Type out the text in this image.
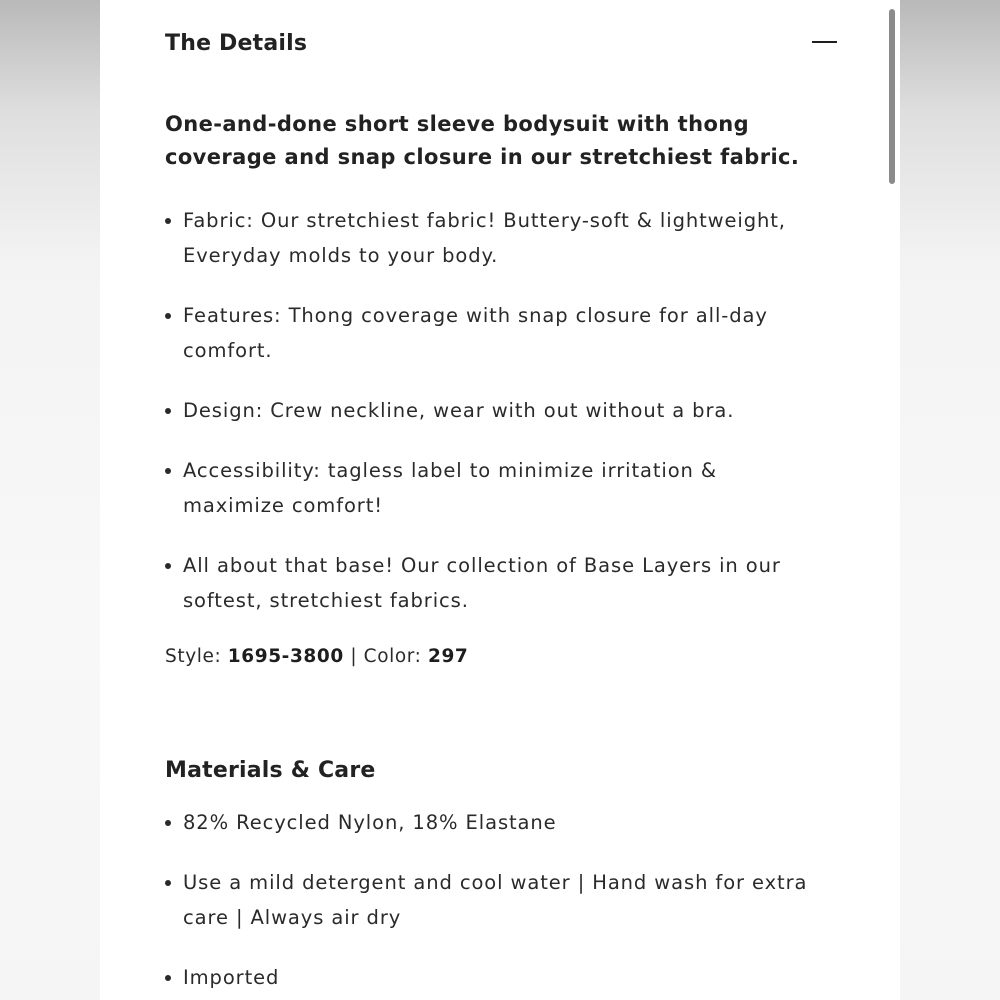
The Details

One-and-done short sleeve bodysuit with thong coverage and snap closure in our stretchiest fabric.

Fabric: Our stretchiest fabric! Buttery-soft & lightweight, Everyday molds to your body.
Features: Thong coverage with snap closure for all-day comfort.
Design: Crew neckline, wear with out without a bra.
Accessibility: tagless label to minimize irritation & maximize comfort!
All about that base! Our collection of Base Layers in our softest, stretchiest fabrics.

Style: 1695-3800 | Color: 297

Materials & Care
82% Recycled Nylon, 18% Elastane
Use a mild detergent and cool water | Hand wash for extra care | Always air dry
Imported
